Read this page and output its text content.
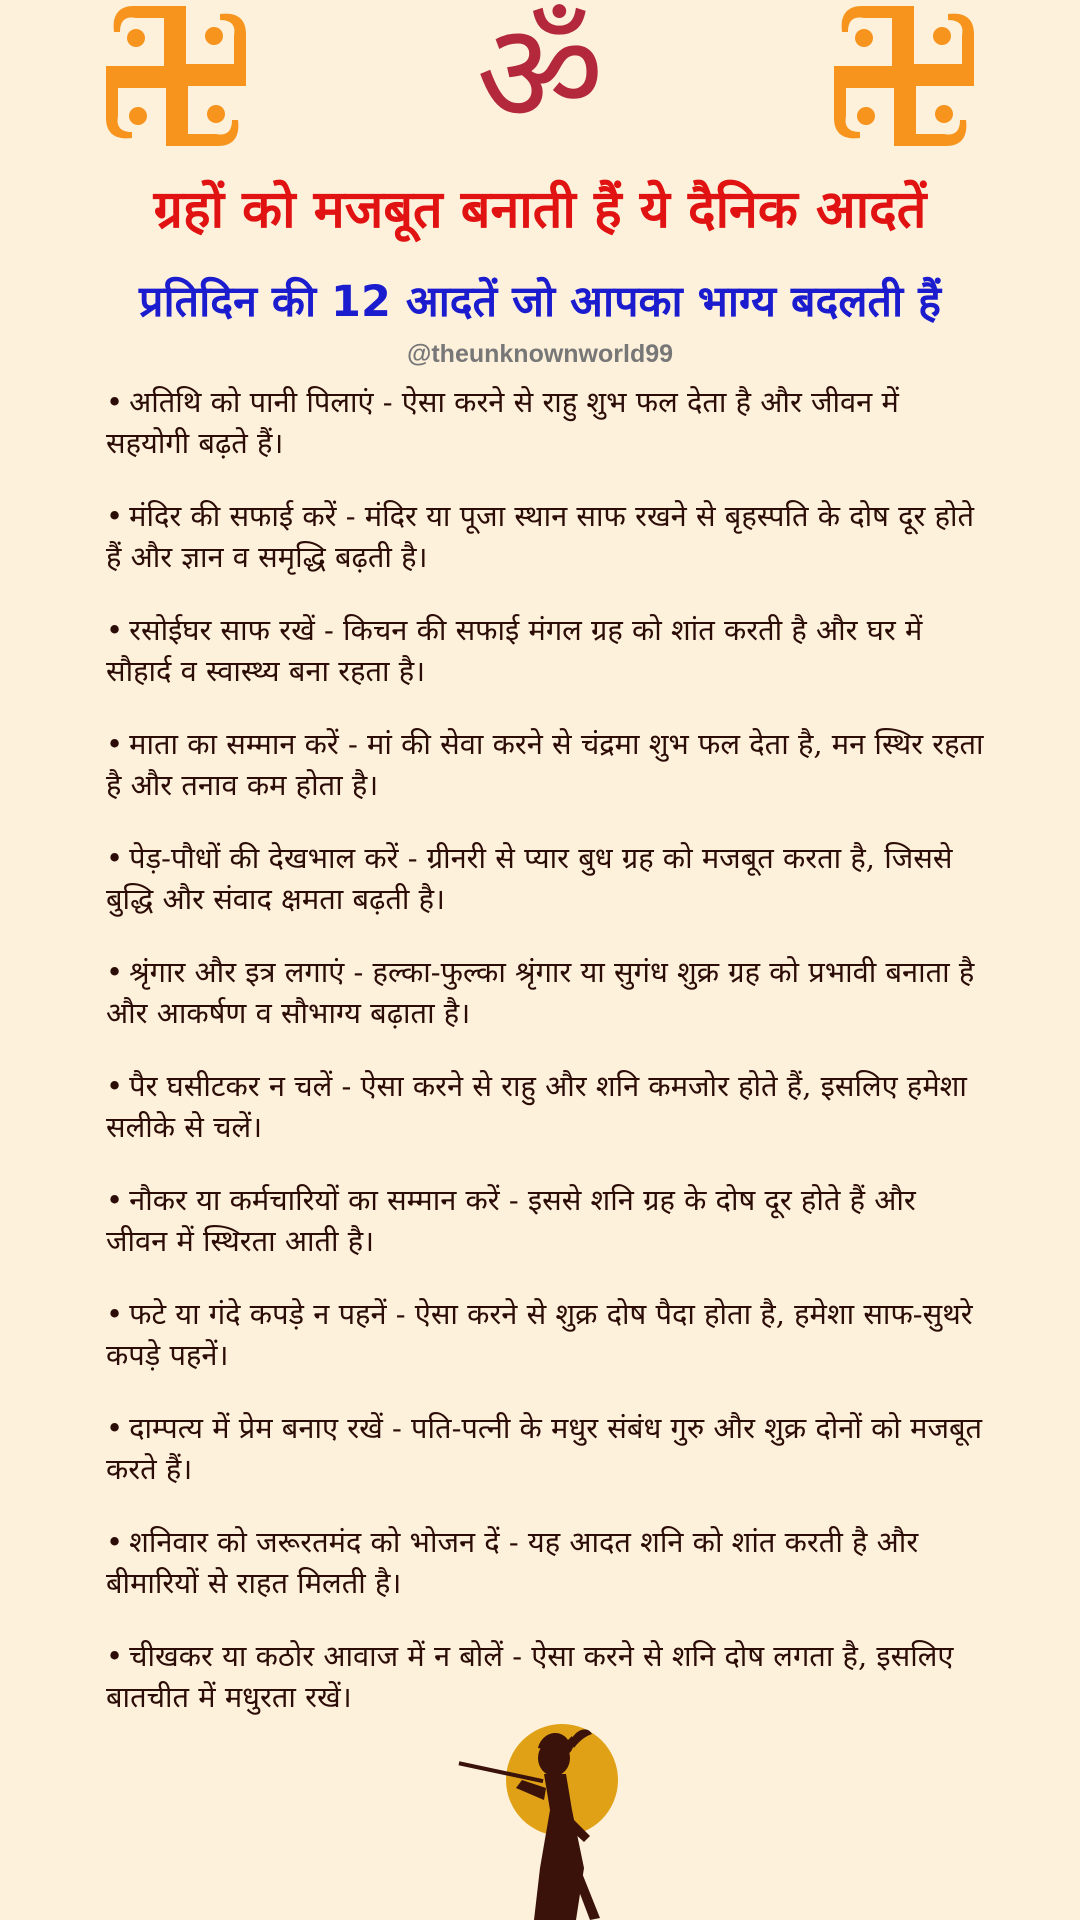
ॐ
ग्रहों को मजबूत बनाती हैं ये दैनिक आदतें
प्रतिदिन की 12 आदतें जो आपका भाग्य बदलती हैं
@theunknownworld99
• अतिथि को पानी पिलाएं - ऐसा करने से राहु शुभ फल देता है और जीवन में सहयोगी बढ़ते हैं।
• मंदिर की सफाई करें - मंदिर या पूजा स्थान साफ रखने से बृहस्पति के दोष दूर होते हैं और ज्ञान व समृद्धि बढ़ती है।
• रसोईघर साफ रखें - किचन की सफाई मंगल ग्रह को शांत करती है और घर में सौहार्द व स्वास्थ्य बना रहता है।
• माता का सम्मान करें - मां की सेवा करने से चंद्रमा शुभ फल देता है, मन स्थिर रहता है और तनाव कम होता है।
• पेड़-पौधों की देखभाल करें - ग्रीनरी से प्यार बुध ग्रह को मजबूत करता है, जिससे बुद्धि और संवाद क्षमता बढ़ती है।
• श्रृंगार और इत्र लगाएं - हल्का-फुल्का श्रृंगार या सुगंध शुक्र ग्रह को प्रभावी बनाता है और आकर्षण व सौभाग्य बढ़ाता है।
• पैर घसीटकर न चलें - ऐसा करने से राहु और शनि कमजोर होते हैं, इसलिए हमेशा सलीके से चलें।
• नौकर या कर्मचारियों का सम्मान करें - इससे शनि ग्रह के दोष दूर होते हैं और जीवन में स्थिरता आती है।
• फटे या गंदे कपड़े न पहनें - ऐसा करने से शुक्र दोष पैदा होता है, हमेशा साफ-सुथरे कपड़े पहनें।
• दाम्पत्य में प्रेम बनाए रखें - पति-पत्नी के मधुर संबंध गुरु और शुक्र दोनों को मजबूत करते हैं।
• शनिवार को जरूरतमंद को भोजन दें - यह आदत शनि को शांत करती है और बीमारियों से राहत मिलती है।
• चीखकर या कठोर आवाज में न बोलें - ऐसा करने से शनि दोष लगता है, इसलिए बातचीत में मधुरता रखें।
